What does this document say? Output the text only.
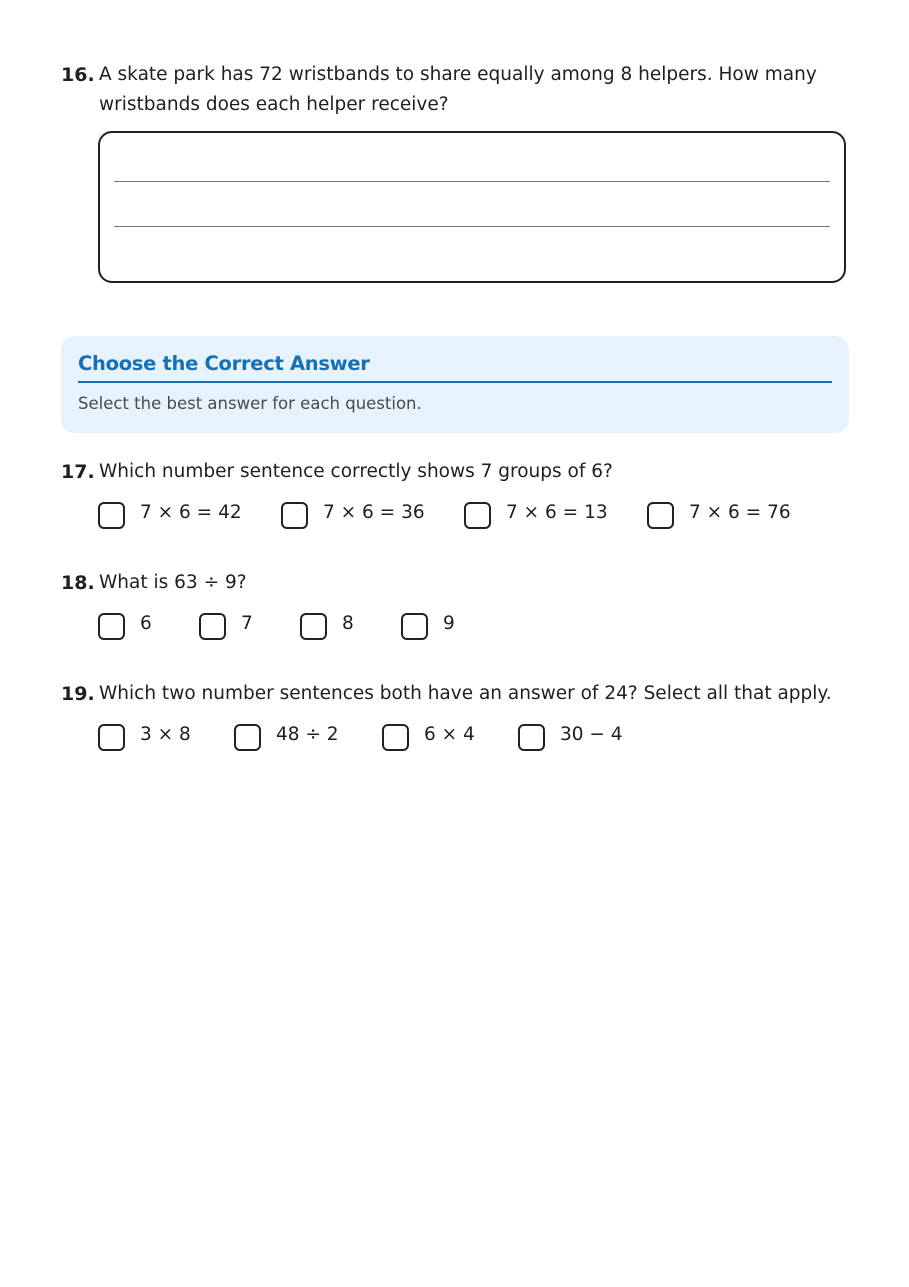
16. A skate park has 72 wristbands to share equally among 8 helpers. How many wristbands does each helper receive?
Choose the Correct Answer
Select the best answer for each question.
17. Which number sentence correctly shows 7 groups of 6?
7 × 6 = 42	7 × 6 = 36	7 × 6 = 13	7 × 6 = 76
18. What is 63 ÷ 9?
6	7	8	9
19. Which two number sentences both have an answer of 24? Select all that apply.
3 × 8	48 ÷ 2	6 × 4	30 − 4
